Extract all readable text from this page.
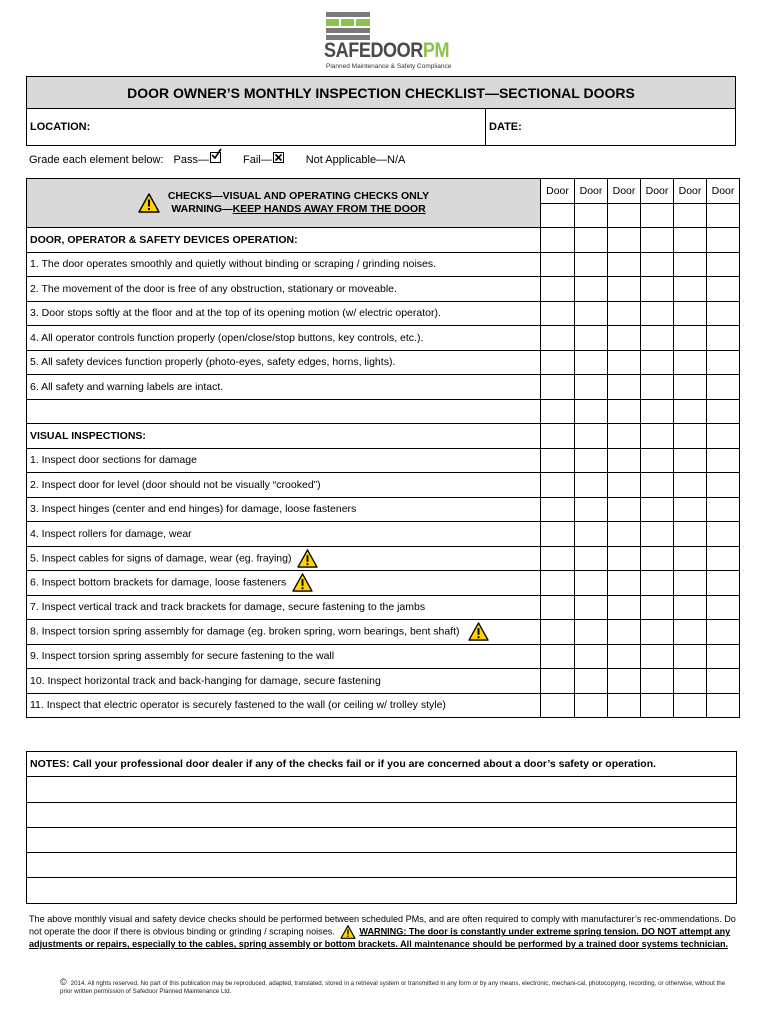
SAFEDOORPM
Planned Maintenance & Safety Compliance
DOOR OWNER’S MONTHLY INSPECTION CHECKLIST—SECTIONAL DOORS
LOCATION:	DATE:
Grade each element below: Pass—	Fail—	Not Applicable—N/A
CHECKS—VISUAL AND OPERATING CHECKS ONLY
WARNING—KEEP HANDS AWAY FROM THE DOOR	Door	Door	Door	Door	Door	Door

DOOR, OPERATOR & SAFETY DEVICES OPERATION:						
1. The door operates smoothly and quietly without binding or scraping / grinding noises.						
2. The movement of the door is free of any obstruction, stationary or moveable.						
3. Door stops softly at the floor and at the top of its opening motion (w/ electric operator).						
4. All operator controls function properly (open/close/stop buttons, key controls, etc.).						
5. All safety devices function properly (photo-eyes, safety edges, horns, lights).						
6. All safety and warning labels are intact.						

VISUAL INSPECTIONS:						
1. Inspect door sections for damage						
2. Inspect door for level (door should not be visually “crooked”)						
3. Inspect hinges (center and end hinges) for damage, loose fasteners						
4. Inspect rollers for damage, wear						
5. Inspect cables for signs of damage, wear (eg. fraying)

6. Inspect bottom brackets for damage, loose fasteners

7. Inspect vertical track and track brackets for damage, secure fastening to the jambs						
8. Inspect torsion spring assembly for damage (eg. broken spring, worn bearings, bent shaft)

9. Inspect torsion spring assembly for secure fastening to the wall						
10. Inspect horizontal track and back-hanging for damage, secure fastening						
11. Inspect that electric operator is securely fastened to the wall (or ceiling w/ trolley style)						
NOTES: Call your professional door dealer if any of the checks fail or if you are concerned about a door’s safety or operation.

The above monthly visual and safety device checks should be performed between scheduled PMs, and are often required to comply with manufacturer’s rec-ommendations. Do not operate the door if there is obvious binding or grinding / scraping noises.
WARNING: The door is constantly under extreme spring tension. DO NOT attempt any adjustments or repairs, especially to the cables, spring assembly or bottom brackets. All maintenance should be performed by a trained door systems technician.
© 2014. All rights reserved. No part of this publication may be reproduced, adapted, translated, stored in a retrieval system or transmitted in any form or by any means, electronic, mechani-cal, photocopying, recording, or otherwise, without the prior written permission of Safedoor Planned Maintenance Ltd.
